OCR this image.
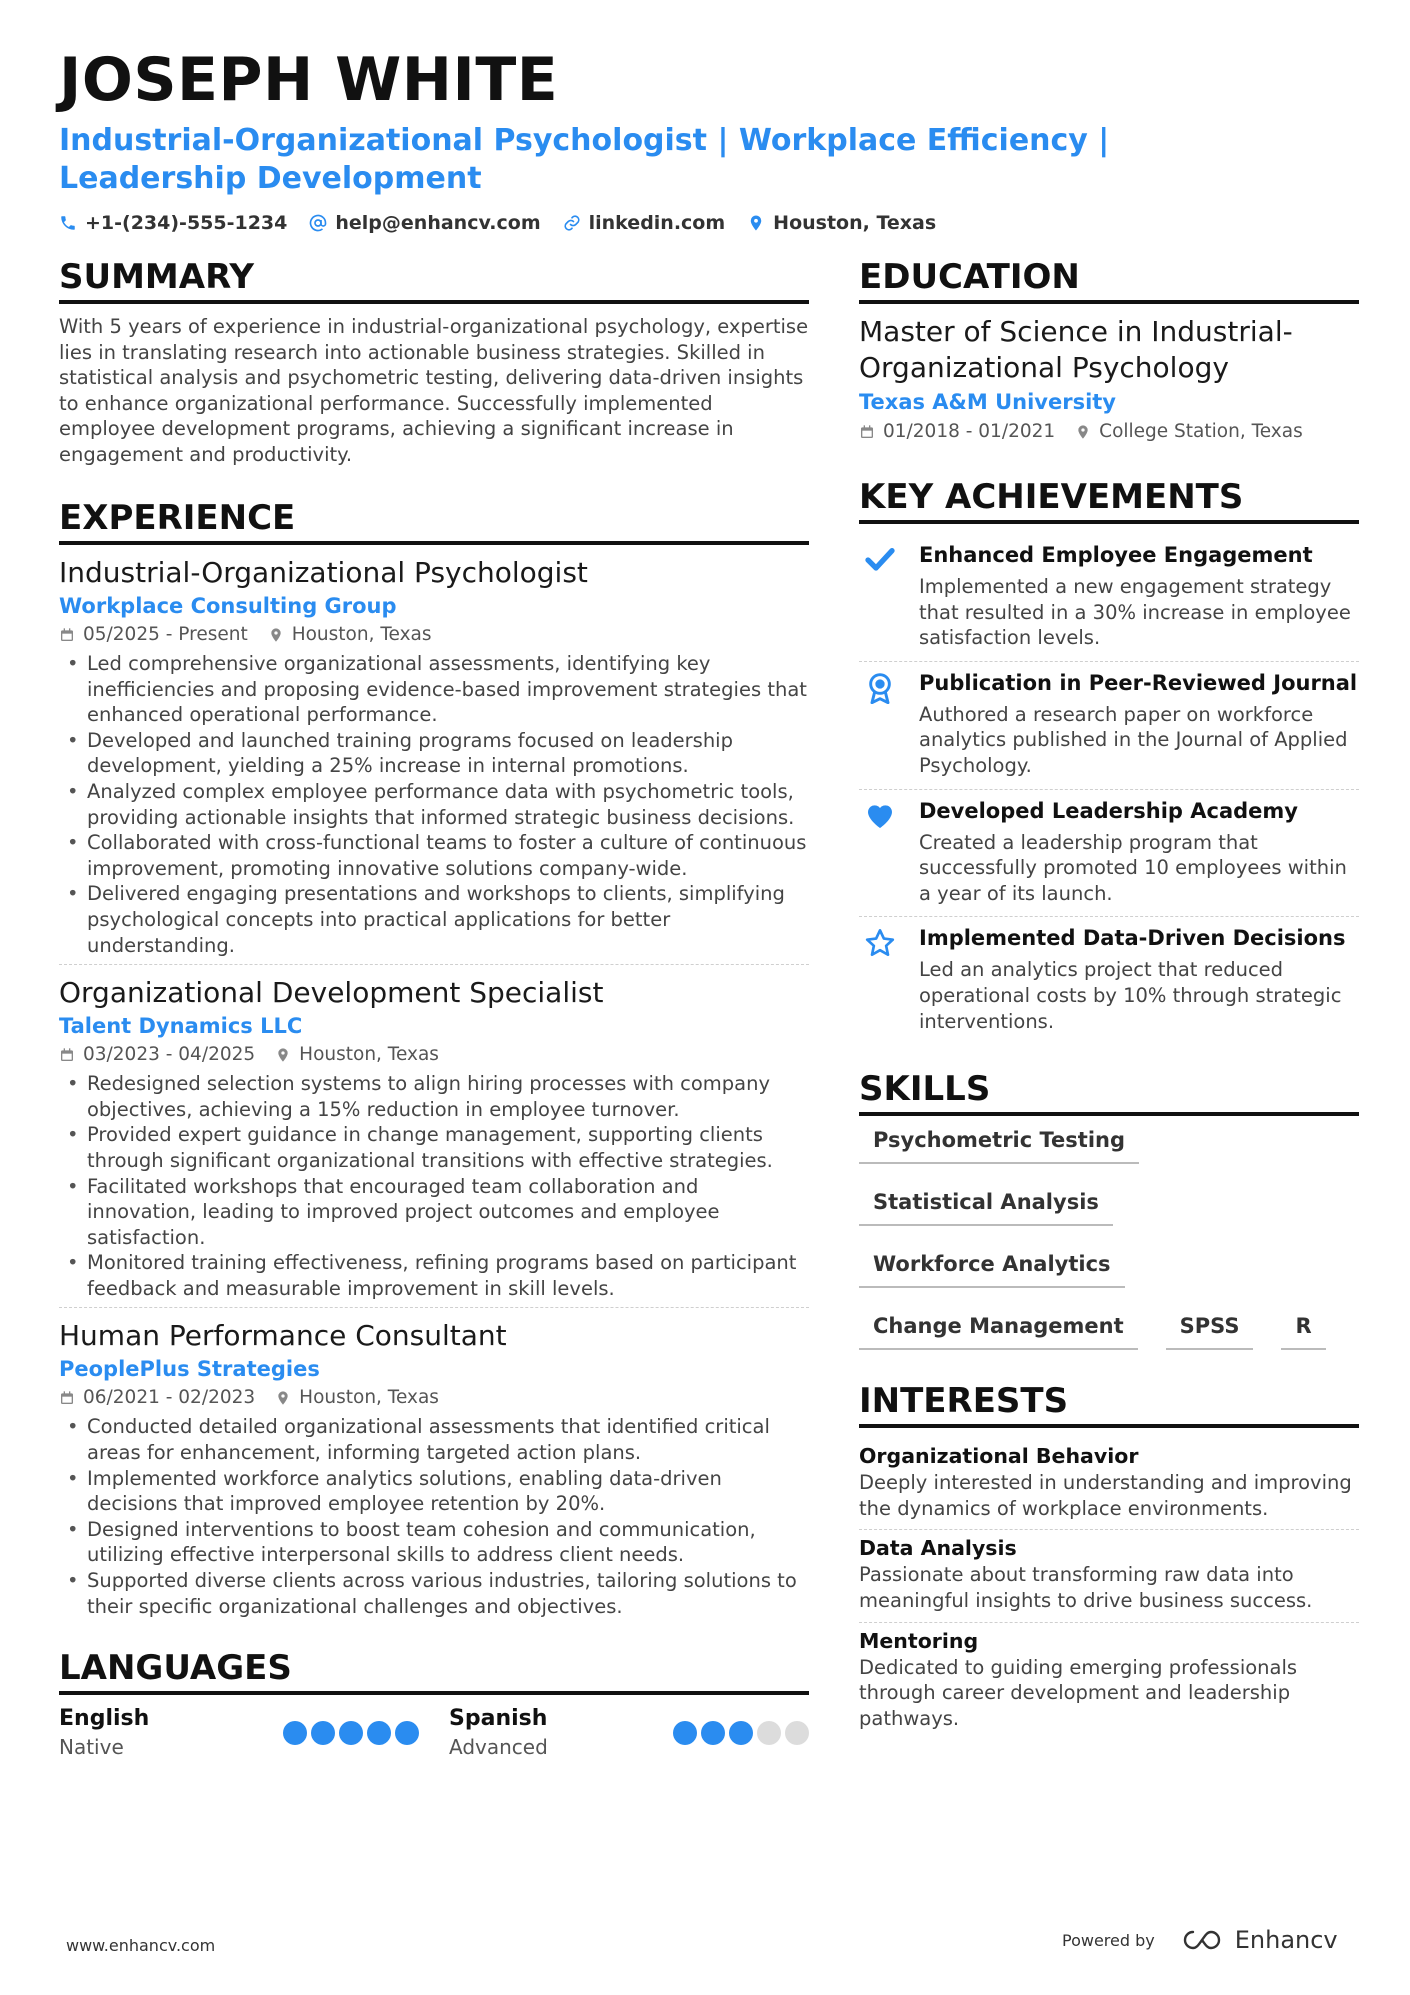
JOSEPH WHITE
Industrial-Organizational Psychologist | Workplace Efficiency | Leadership Development
+1-(234)-555-1234	help@enhancv.com	linkedin.com	Houston, Texas
SUMMARY

With 5 years of experience in industrial-organizational psychology, expertise lies in translating research into actionable business strategies. Skilled in statistical analysis and psychometric testing, delivering data-driven insights to enhance organizational performance. Successfully implemented employee development programs, achieving a significant increase in engagement and productivity.

EXPERIENCE
Industrial-Organizational Psychologist
Workplace Consulting Group
05/2025 - Present Houston, Texas
• Led comprehensive organizational assessments, identifying key inefficiencies and proposing evidence-based improvement strategies that enhanced operational performance.
• Developed and launched training programs focused on leadership development, yielding a 25% increase in internal promotions.
• Analyzed complex employee performance data with psychometric tools, providing actionable insights that informed strategic business decisions.
• Collaborated with cross-functional teams to foster a culture of continuous improvement, promoting innovative solutions company-wide.
• Delivered engaging presentations and workshops to clients, simplifying psychological concepts into practical applications for better understanding.
Organizational Development Specialist
Talent Dynamics LLC
03/2023 - 04/2025 Houston, Texas
• Redesigned selection systems to align hiring processes with company objectives, achieving a 15% reduction in employee turnover.
• Provided expert guidance in change management, supporting clients through significant organizational transitions with effective strategies.
• Facilitated workshops that encouraged team collaboration and innovation, leading to improved project outcomes and employee satisfaction.
• Monitored training effectiveness, refining programs based on participant feedback and measurable improvement in skill levels.
Human Performance Consultant
PeoplePlus Strategies
06/2021 - 02/2023 Houston, Texas
• Conducted detailed organizational assessments that identified critical areas for enhancement, informing targeted action plans.
• Implemented workforce analytics solutions, enabling data-driven decisions that improved employee retention by 20%.
• Designed interventions to boost team cohesion and communication, utilizing effective interpersonal skills to address client needs.
• Supported diverse clients across various industries, tailoring solutions to their specific organizational challenges and objectives.
LANGUAGES
English
Native
Spanish
Advanced
EDUCATION
Master of Science in Industrial-Organizational Psychology
Texas A&M University
01/2018 - 01/2021 College Station, Texas
KEY ACHIEVEMENTS
Enhanced Employee Engagement
Implemented a new engagement strategy that resulted in a 30% increase in employee satisfaction levels.
Publication in Peer-Reviewed Journal
Authored a research paper on workforce analytics published in the Journal of Applied Psychology.
Developed Leadership Academy
Created a leadership program that successfully promoted 10 employees within a year of its launch.
Implemented Data-Driven Decisions
Led an analytics project that reduced operational costs by 10% through strategic interventions.
SKILLS
Psychometric Testing
Statistical Analysis
Workforce Analytics
Change Management	SPSS	R
INTERESTS
Organizational Behavior
Deeply interested in understanding and improving the dynamics of workplace environments.
Data Analysis
Passionate about transforming raw data into meaningful insights to drive business success.
Mentoring
Dedicated to guiding emerging professionals through career development and leadership pathways.
www.enhancv.com	Powered by	Enhancv
